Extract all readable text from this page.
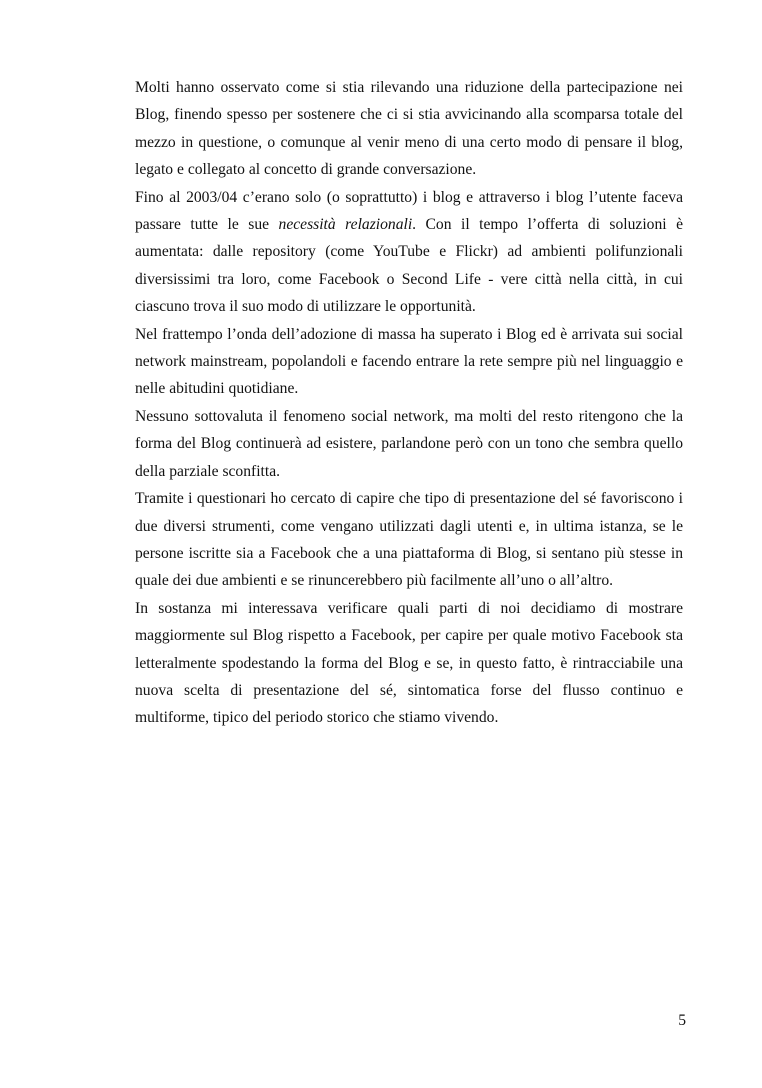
Molti hanno osservato come si stia rilevando una riduzione della partecipazione nei Blog, finendo spesso per sostenere che ci si stia avvicinando alla scomparsa totale del mezzo in questione, o comunque al venir meno di una certo modo di pensare il blog, legato e collegato al concetto di grande conversazione.

Fino al 2003/04 c’erano solo (o soprattutto) i blog e attraverso i blog l’utente faceva passare tutte le sue necessità relazionali. Con il tempo l’offerta di soluzioni è aumentata: dalle repository (come YouTube e Flickr) ad ambienti polifunzionali diversissimi tra loro, come Facebook o Second Life - vere città nella città, in cui ciascuno trova il suo modo di utilizzare le opportunità.

Nel frattempo l’onda dell’adozione di massa ha superato i Blog ed è arrivata sui social network mainstream, popolandoli e facendo entrare la rete sempre più nel linguaggio e nelle abitudini quotidiane.

Nessuno sottovaluta il fenomeno social network, ma molti del resto ritengono che la forma del Blog continuerà ad esistere, parlandone però con un tono che sembra quello della parziale sconfitta.

Tramite i questionari ho cercato di capire che tipo di presentazione del sé favoriscono i due diversi strumenti, come vengano utilizzati dagli utenti e, in ultima istanza, se le persone iscritte sia a Facebook che a una piattaforma di Blog, si sentano più stesse in quale dei due ambienti e se rinuncerebbero più facilmente all’uno o all’altro.

In sostanza mi interessava verificare quali parti di noi decidiamo di mostrare maggiormente sul Blog rispetto a Facebook, per capire per quale motivo Facebook sta letteralmente spodestando la forma del Blog e se, in questo fatto, è rintracciabile una nuova scelta di presentazione del sé, sintomatica forse del flusso continuo e multiforme, tipico del periodo storico che stiamo vivendo.

5
